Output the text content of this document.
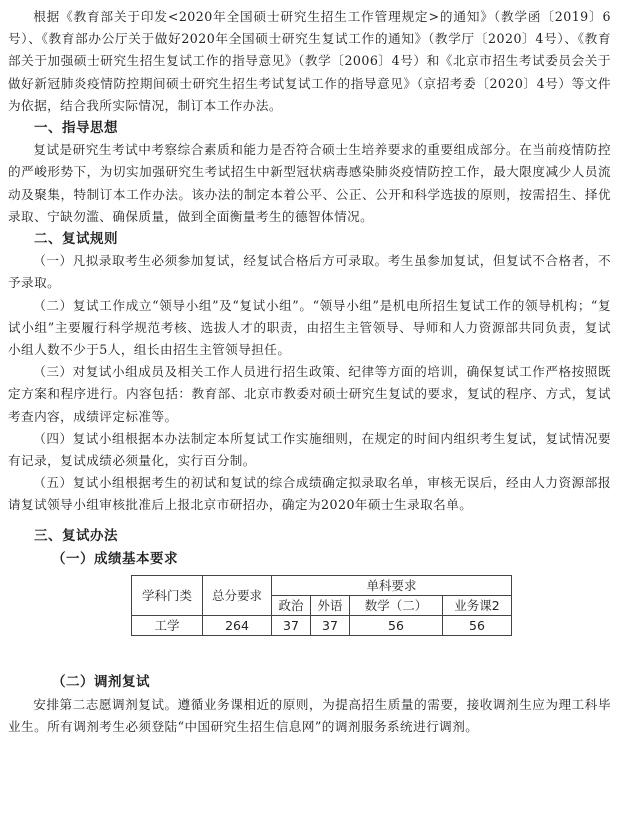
根据《教育部关于印发<2020年全国硕士研究生招生工作管理规定>的通知》（教学函〔2019〕6号）、《教育部办公厅关于做好2020年全国硕士研究生复试工作的通知》（教学厅〔2020〕4号）、《教育部关于加强硕士研究生招生复试工作的指导意见》（教学〔2006〕4号）和《北京市招生考试委员会关于做好新冠肺炎疫情防控期间硕士研究生招生考试复试工作的指导意见》（京招考委〔2020〕4号）等文件为依据，结合我所实际情况，制订本工作办法。

一、指导思想

复试是研究生考试中考察综合素质和能力是否符合硕士生培养要求的重要组成部分。在当前疫情防控的严峻形势下，为切实加强研究生考试招生中新型冠状病毒感染肺炎疫情防控工作，最大限度减少人员流动及聚集，特制订本工作办法。该办法的制定本着公平、公正、公开和科学选拔的原则，按需招生、择优录取、宁缺勿滥、确保质量，做到全面衡量考生的德智体情况。

二、复试规则

（一）凡拟录取考生必须参加复试，经复试合格后方可录取。考生虽参加复试，但复试不合格者，不予录取。

（二）复试工作成立“领导小组”及“复试小组”。“领导小组”是机电所招生复试工作的领导机构；“复试小组”主要履行科学规范考核、选拔人才的职责，由招生主管领导、导师和人力资源部共同负责，复试小组人数不少于5人，组长由招生主管领导担任。

（三）对复试小组成员及相关工作人员进行招生政策、纪律等方面的培训，确保复试工作严格按照既定方案和程序进行。内容包括：教育部、北京市教委对硕士研究生复试的要求，复试的程序、方式，复试考查内容，成绩评定标准等。

（四）复试小组根据本办法制定本所复试工作实施细则，在规定的时间内组织考生复试，复试情况要有记录，复试成绩必须量化，实行百分制。

（五）复试小组根据考生的初试和复试的综合成绩确定拟录取名单，审核无误后，经由人力资源部报请复试领导小组审核批准后上报北京市研招办，确定为2020年硕士生录取名单。

三、复试办法
（一）成绩基本要求
学科门类	总分要求	单科要求			
		政治	外语	数学（二）	业务课2
工学	264	37	37	56	56
（二）调剂复试

安排第二志愿调剂复试。遵循业务课相近的原则，为提高招生质量的需要，接收调剂生应为理工科毕业生。所有调剂考生必须登陆“中国研究生招生信息网”的调剂服务系统进行调剂。
